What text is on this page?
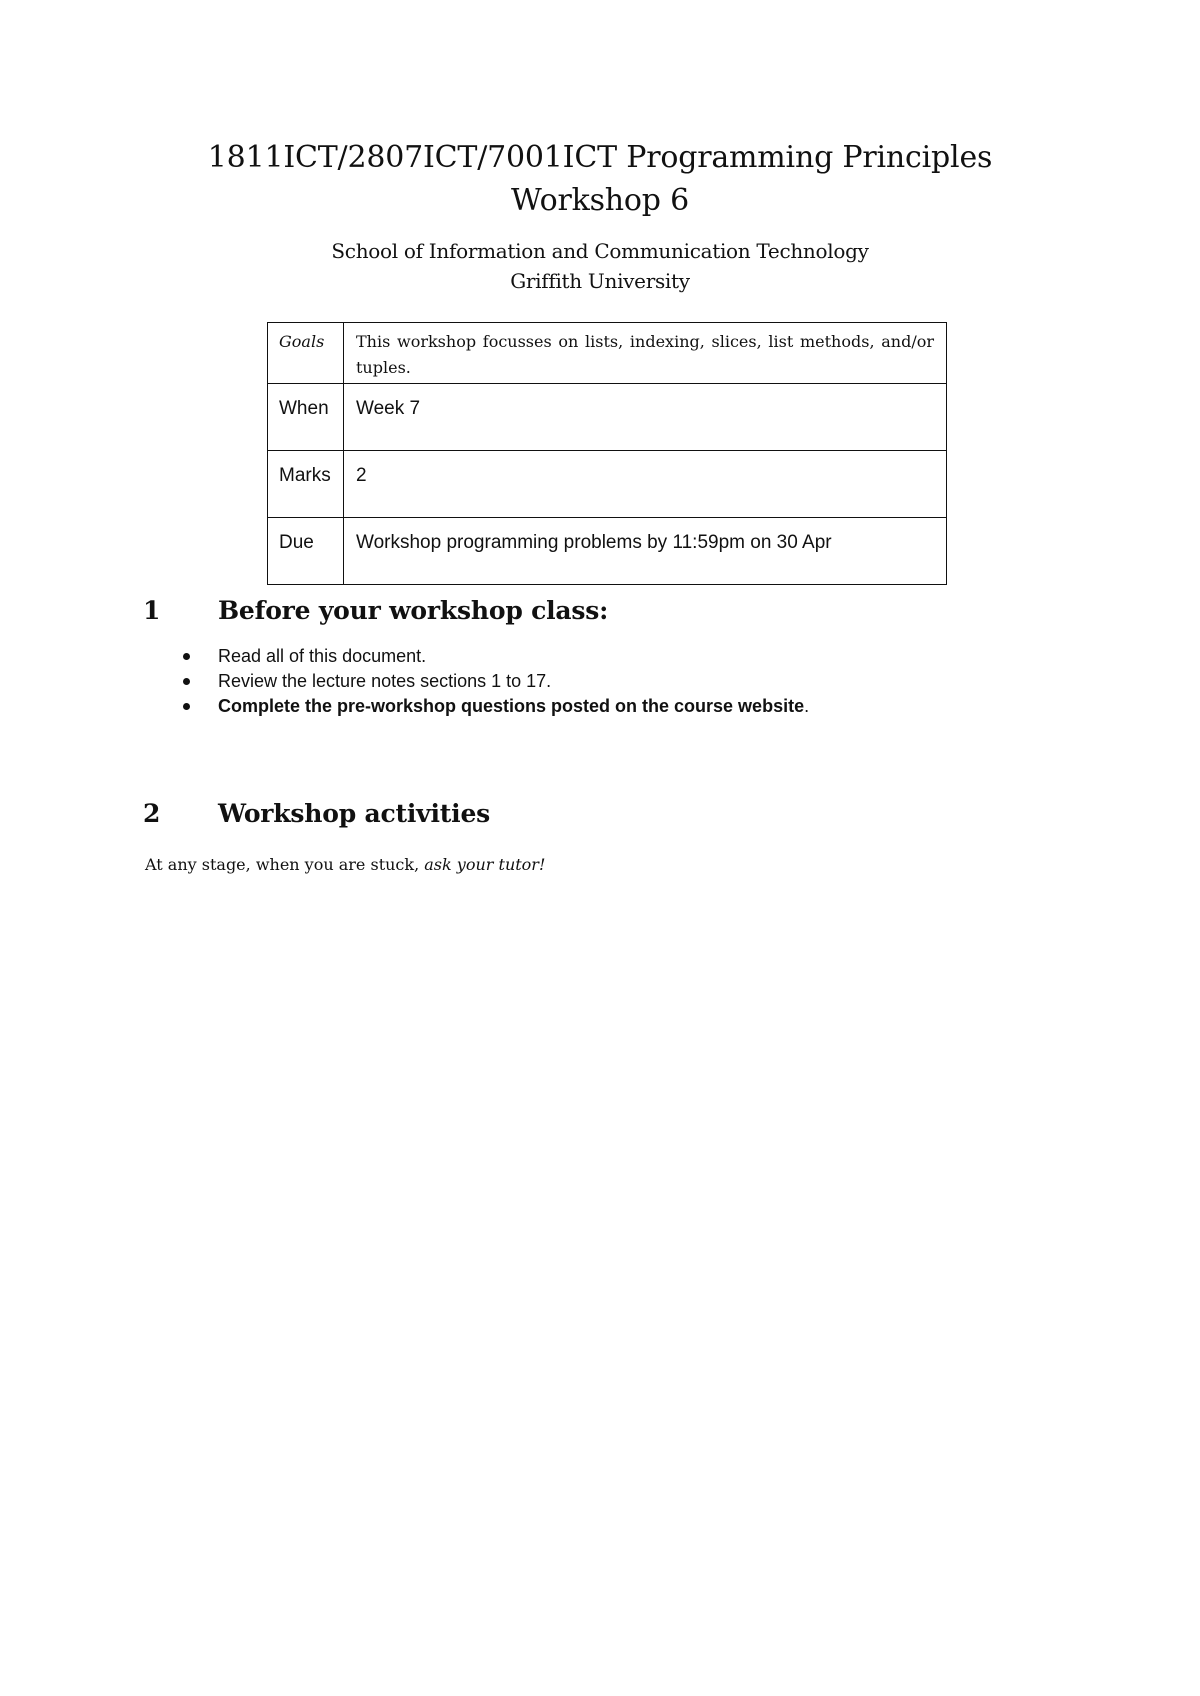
1811ICT/2807ICT/7001ICT Programming Principles
Workshop 6
School of Information and Communication Technology
Griffith University
Goals	This workshop focusses on lists, indexing, slices, list methods, and/or tuples.
When	Week 7
Marks	2
Due	Workshop programming problems by 11:59pm on 30 Apr
1 Before your workshop class:
Read all of this document.
Review the lecture notes sections 1 to 17.
Complete the pre-workshop questions posted on the course website.
2 Workshop activities
At any stage, when you are stuck, ask your tutor!
